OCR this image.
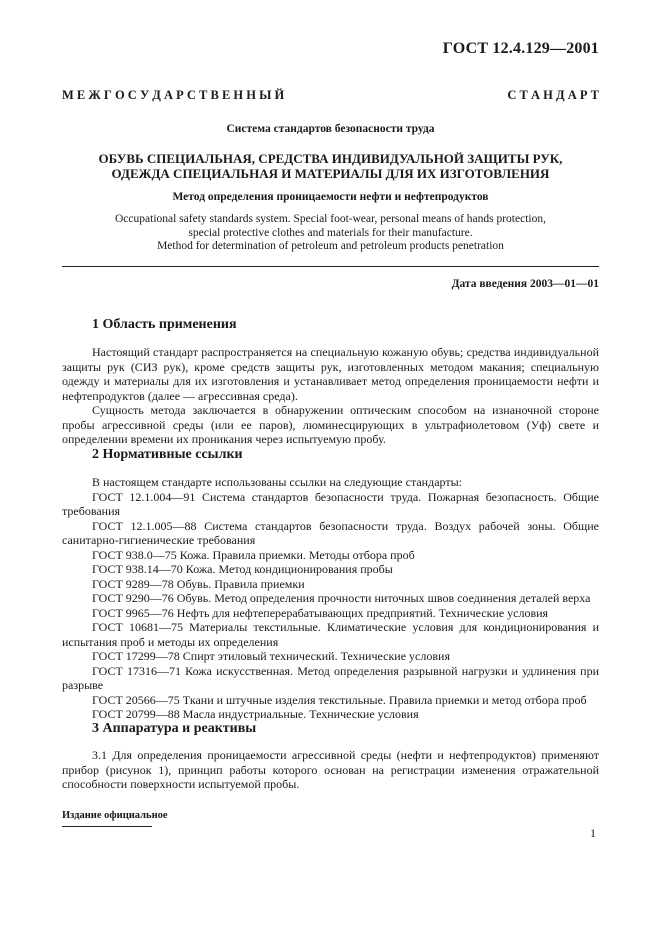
ГОСТ 12.4.129—2001
М Е Ж Г О С У Д А Р С Т В Е Н Н Ы Й	С Т А Н Д А Р Т
Система стандартов безопасности труда
ОБУВЬ СПЕЦИАЛЬНАЯ, СРЕДСТВА ИНДИВИДУАЛЬНОЙ ЗАЩИТЫ РУК,
ОДЕЖДА СПЕЦИАЛЬНАЯ И МАТЕРИАЛЫ ДЛЯ ИХ ИЗГОТОВЛЕНИЯ
Метод определения проницаемости нефти и нефтепродуктов
Occupational safety standards system. Special foot-wear, personal means of hands protection,
special protective clothes and materials for their manufacture.
Method for determination of petroleum and petroleum products penetration
Дата введения 2003—01—01
1 Область применения

Настоящий стандарт распространяется на специальную кожаную обувь; средства индивидуальной защиты рук (СИЗ рук), кроме средств защиты рук, изготовленных методом макания; специальную одежду и материалы для их изготовления и устанавливает метод определения проницаемости нефти и нефтепродуктов (далее — агрессивная среда).

Сущность метода заключается в обнаружении оптическим способом на изнаночной стороне пробы агрессивной среды (или ее паров), люминесцирующих в ультрафиолетовом (Уф) свете и определении времени их проникания через испытуемую пробу.

2 Нормативные ссылки

В настоящем стандарте использованы ссылки на следующие стандарты:

ГОСТ 12.1.004—91 Система стандартов безопасности труда. Пожарная безопасность. Общие требования

ГОСТ 12.1.005—88 Система стандартов безопасности труда. Воздух рабочей зоны. Общие санитарно-гигиенические требования

ГОСТ 938.0—75 Кожа. Правила приемки. Методы отбора проб

ГОСТ 938.14—70 Кожа. Метод кондиционирования пробы

ГОСТ 9289—78 Обувь. Правила приемки

ГОСТ 9290—76 Обувь. Метод определения прочности ниточных швов соединения деталей верха

ГОСТ 9965—76 Нефть для нефтеперерабатывающих предприятий. Технические условия

ГОСТ 10681—75 Материалы текстильные. Климатические условия для кондиционирования и испытания проб и методы их определения

ГОСТ 17299—78 Спирт этиловый технический. Технические условия

ГОСТ 17316—71 Кожа искусственная. Метод определения разрывной нагрузки и удлинения при разрыве

ГОСТ 20566—75 Ткани и штучные изделия текстильные. Правила приемки и метод отбора проб

ГОСТ 20799—88 Масла индустриальные. Технические условия

3 Аппаратура и реактивы

3.1 Для определения проницаемости агрессивной среды (нефти и нефтепродуктов) применяют прибор (рисунок 1), принцип работы которого основан на регистрации изменения отражательной способности поверхности испытуемой пробы.

Издание официальное
1
